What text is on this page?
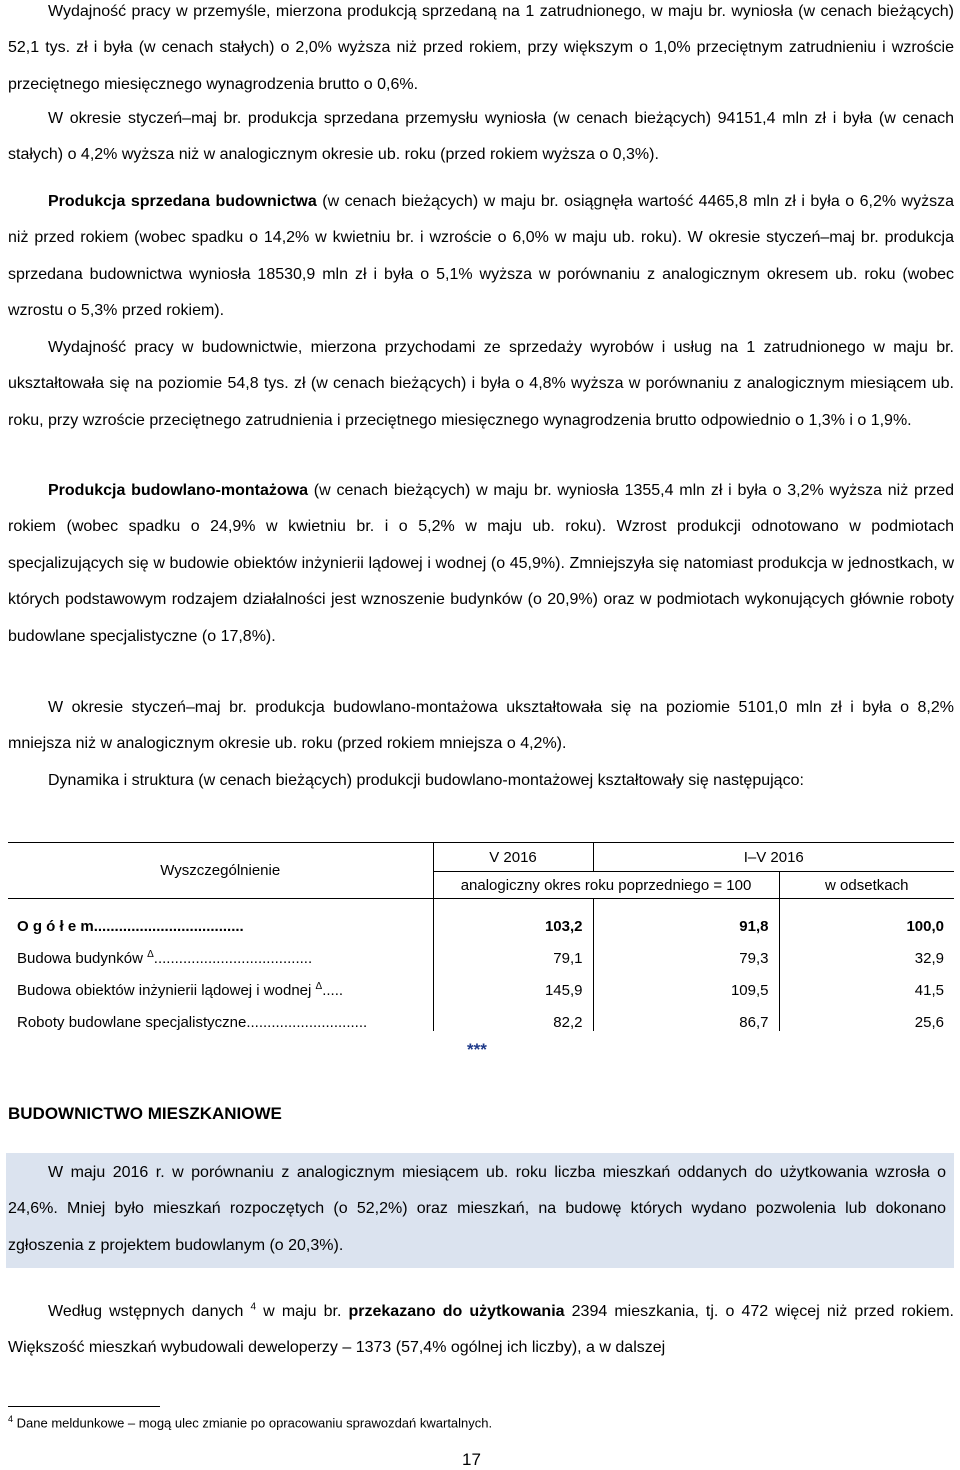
Wydajność pracy w przemyśle, mierzona produkcją sprzedaną na 1 zatrudnionego, w maju br. wyniosła (w cenach bieżących) 52,1 tys. zł i była (w cenach stałych) o 2,0% wyższa niż przed rokiem, przy większym o 1,0% przeciętnym zatrudnieniu i wzroście przeciętnego miesięcznego wynagrodzenia brutto o 0,6%.

W okresie styczeń–maj br. produkcja sprzedana przemysłu wyniosła (w cenach bieżących) 94151,4 mln zł i była (w cenach stałych) o 4,2% wyższa niż w analogicznym okresie ub. roku (przed rokiem wyższa o 0,3%).

Produkcja sprzedana budownictwa (w cenach bieżących) w maju br. osiągnęła wartość 4465,8 mln zł i była o 6,2% wyższa niż przed rokiem (wobec spadku o 14,2% w kwietniu br. i wzroście o 6,0% w maju ub. roku). W okresie styczeń–maj br. produkcja sprzedana budownictwa wyniosła 18530,9 mln zł i była o 5,1% wyższa w porównaniu z analogicznym okresem ub. roku (wobec wzrostu o 5,3% przed rokiem).

Wydajność pracy w budownictwie, mierzona przychodami ze sprzedaży wyrobów i usług na 1 zatrudnionego w maju br. ukształtowała się na poziomie 54,8 tys. zł (w cenach bieżących) i była o 4,8% wyższa w porównaniu z analogicznym miesiącem ub. roku, przy wzroście przeciętnego zatrudnienia i przeciętnego miesięcznego wynagrodzenia brutto odpowiednio o 1,3% i o 1,9%.

Produkcja budowlano-montażowa (w cenach bieżących) w maju br. wyniosła 1355,4 mln zł i była o 3,2% wyższa niż przed rokiem (wobec spadku o 24,9% w kwietniu br. i o 5,2% w maju ub. roku). Wzrost produkcji odnotowano w podmiotach specjalizujących się w budowie obiektów inżynierii lądowej i wodnej (o 45,9%). Zmniejszyła się natomiast produkcja w jednostkach, w których podstawowym rodzajem działalności jest wznoszenie budynków (o 20,9%) oraz w podmiotach wykonujących głównie roboty budowlane specjalistyczne (o 17,8%).

W okresie styczeń–maj br. produkcja budowlano-montażowa ukształtowała się na poziomie 5101,0 mln zł i była o 8,2% mniejsza niż w analogicznym okresie ub. roku (przed rokiem mniejsza o 4,2%).

Dynamika i struktura (w cenach bieżących) produkcji budowlano-montażowej kształtowały się następująco:

Wyszczególnienie	V 2016	I–V 2016	
	analogiczny okres roku poprzedniego = 100		w odsetkach
O g ó ł e m....................................	103,2	91,8	100,0
Budowa budynków $^\Delta$......................................	79,1	79,3	32,9
Budowa obiektów inżynierii lądowej i wodnej $^\Delta$.....	145,9	109,5	41,5
Roboty budowlane specjalistyczne.............................	82,2	86,7	25,6
***
BUDOWNICTWO MIESZKANIOWE

W maju 2016 r. w porównaniu z analogicznym miesiącem ub. roku liczba mieszkań oddanych do użytkowania wzrosła o 24,6%. Mniej było mieszkań rozpoczętych (o 52,2%) oraz mieszkań, na budowę których wydano pozwolenia lub dokonano zgłoszenia z projektem budowlanym (o 20,3%).

Według wstępnych danych $^4$ w maju br. przekazano do użytkowania 2394 mieszkania, tj. o 472 więcej niż przed rokiem. Większość mieszkań wybudowali deweloperzy – 1373 (57,4% ogólnej ich liczby), a w dalszej

$^4$ Dane meldunkowe – mogą ulec zmianie po opracowaniu sprawozdań kwartalnych.
17
